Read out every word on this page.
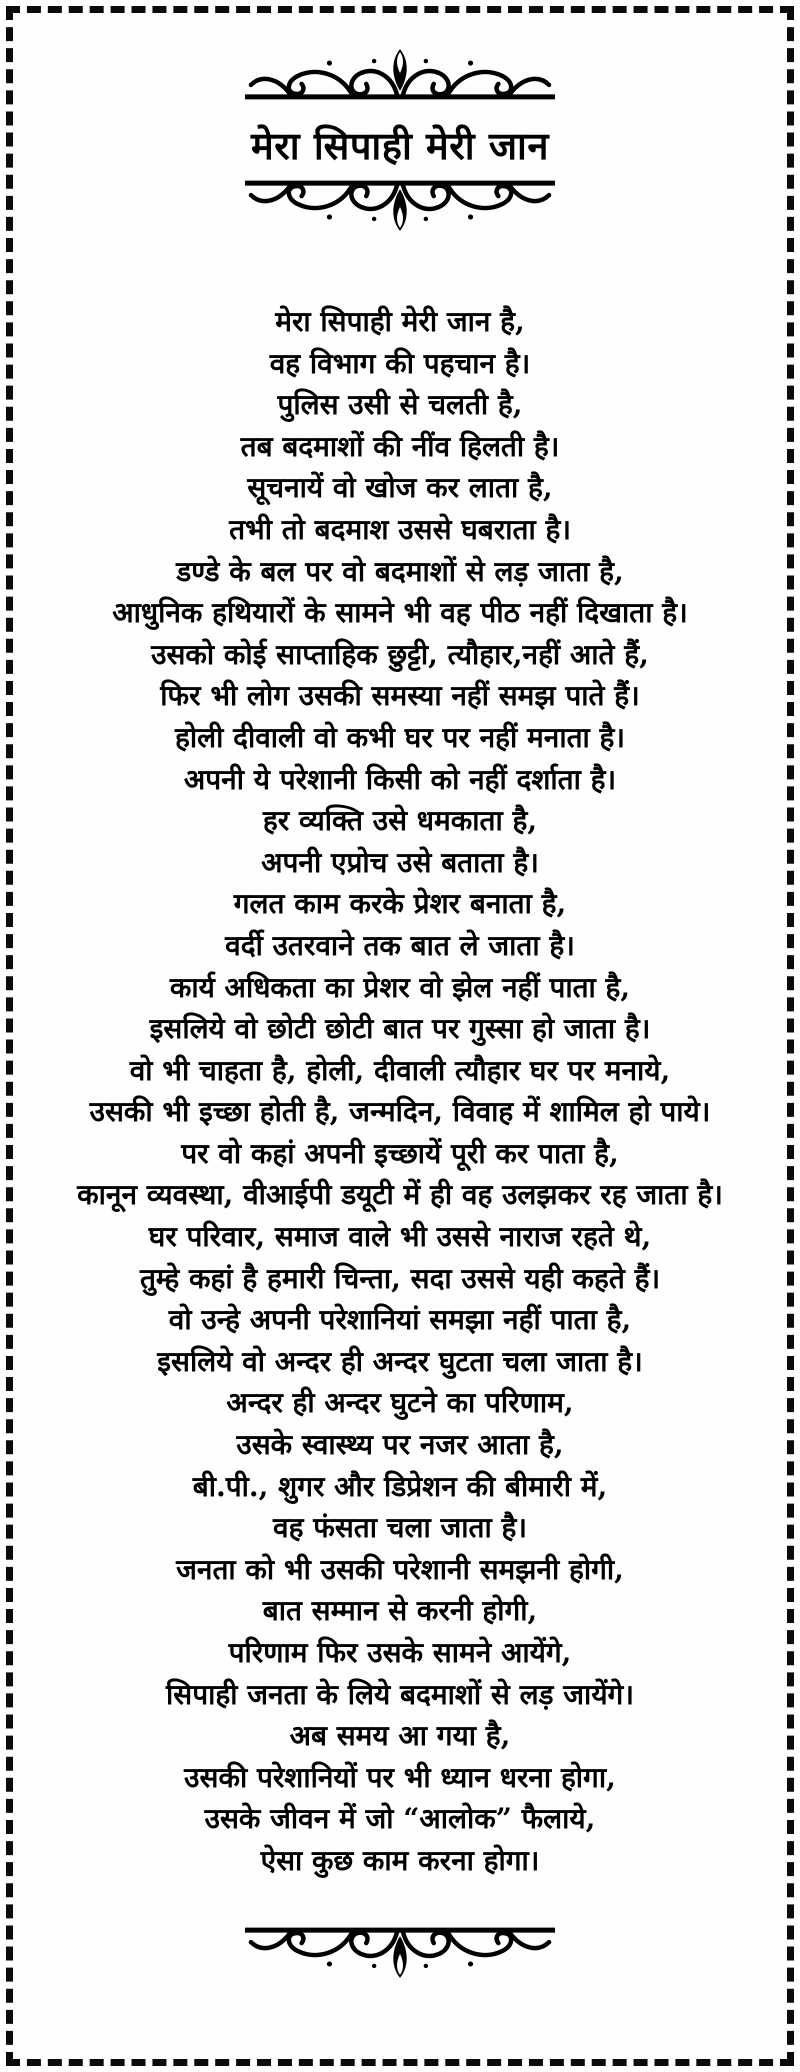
मेरा सिपाही मेरी जान
मेरा सिपाही मेरी जान है,
वह विभाग की पहचान है।
पुलिस उसी से चलती है,
तब बदमाशों की नींव हिलती है।
सूचनायें वो खोज कर लाता है,
तभी तो बदमाश उससे घबराता है।
डण्डे के बल पर वो बदमाशों से लड़ जाता है,
आधुनिक हथियारों के सामने भी वह पीठ नहीं दिखाता है।
उसको कोई साप्ताहिक छुट्टी, त्यौहार,नहीं आते हैं,
फिर भी लोग उसकी समस्या नहीं समझ पाते हैं।
होली दीवाली वो कभी घर पर नहीं मनाता है।
अपनी ये परेशानी किसी को नहीं दर्शाता है।
हर व्यक्ति उसे धमकाता है,
अपनी एप्रोच उसे बताता है।
गलत काम करके प्रेशर बनाता है,
वर्दी उतरवाने तक बात ले जाता है।
कार्य अधिकता का प्रेशर वो झेल नहीं पाता है,
इसलिये वो छोटी छोटी बात पर गुस्सा हो जाता है।
वो भी चाहता है, होली, दीवाली त्यौहार घर पर मनाये,
उसकी भी इच्छा होती है, जन्मदिन, विवाह में शामिल हो पाये।
पर वो कहां अपनी इच्छायें पूरी कर पाता है,
कानून व्यवस्था, वीआईपी डयूटी में ही वह उलझकर रह जाता है।
घर परिवार, समाज वाले भी उससे नाराज रहते थे,
तुम्हे कहां है हमारी चिन्ता, सदा उससे यही कहते हैं।
वो उन्हे अपनी परेशानियां समझा नहीं पाता है,
इसलिये वो अन्दर ही अन्दर घुटता चला जाता है।
अन्दर ही अन्दर घुटने का परिणाम,
उसके स्वास्थ्य पर नजर आता है,
बी.पी., शुगर और डिप्रेशन की बीमारी में,
वह फंसता चला जाता है।
जनता को भी उसकी परेशानी समझनी होगी,
बात सम्मान से करनी होगी,
परिणाम फिर उसके सामने आयेंगे,
सिपाही जनता के लिये बदमाशों से लड़ जायेंगे।
अब समय आ गया है,
उसकी परेशानियों पर भी ध्यान धरना होगा,
उसके जीवन में जो “आलोक” फैलाये,
ऐसा कुछ काम करना होगा।
